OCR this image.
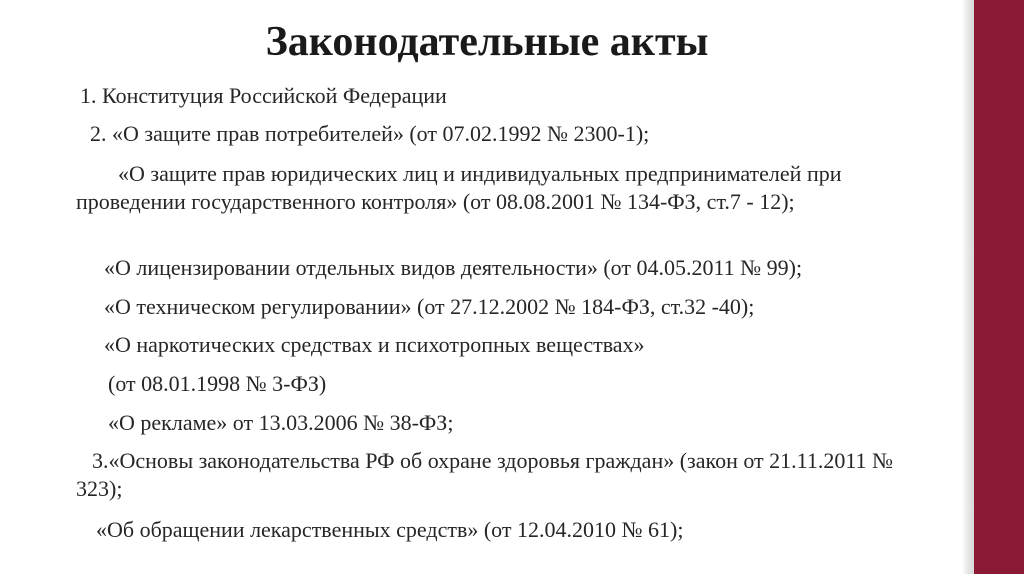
Законодательные акты
1. Конституция Российской Федерации
2. «О защите прав потребителей» (от 07.02.1992 № 2300-1);
«О защите прав юридических лиц и индивидуальных предпринимателей при проведении государственного контроля» (от 08.08.2001 № 134-ФЗ, ст.7 - 12);
«О лицензировании отдельных видов деятельности» (от 04.05.2011 № 99);
«О техническом регулировании» (от 27.12.2002 № 184-ФЗ, ст.32 -40);
«О наркотических средствах и психотропных веществах»
(от 08.01.1998 № 3-ФЗ)
«О рекламе» от 13.03.2006 № 38-ФЗ;
3.«Основы законодательства РФ об охране здоровья граждан» (закон от 21.11.2011 № 323);
«Об обращении лекарственных средств» (от 12.04.2010 № 61);
